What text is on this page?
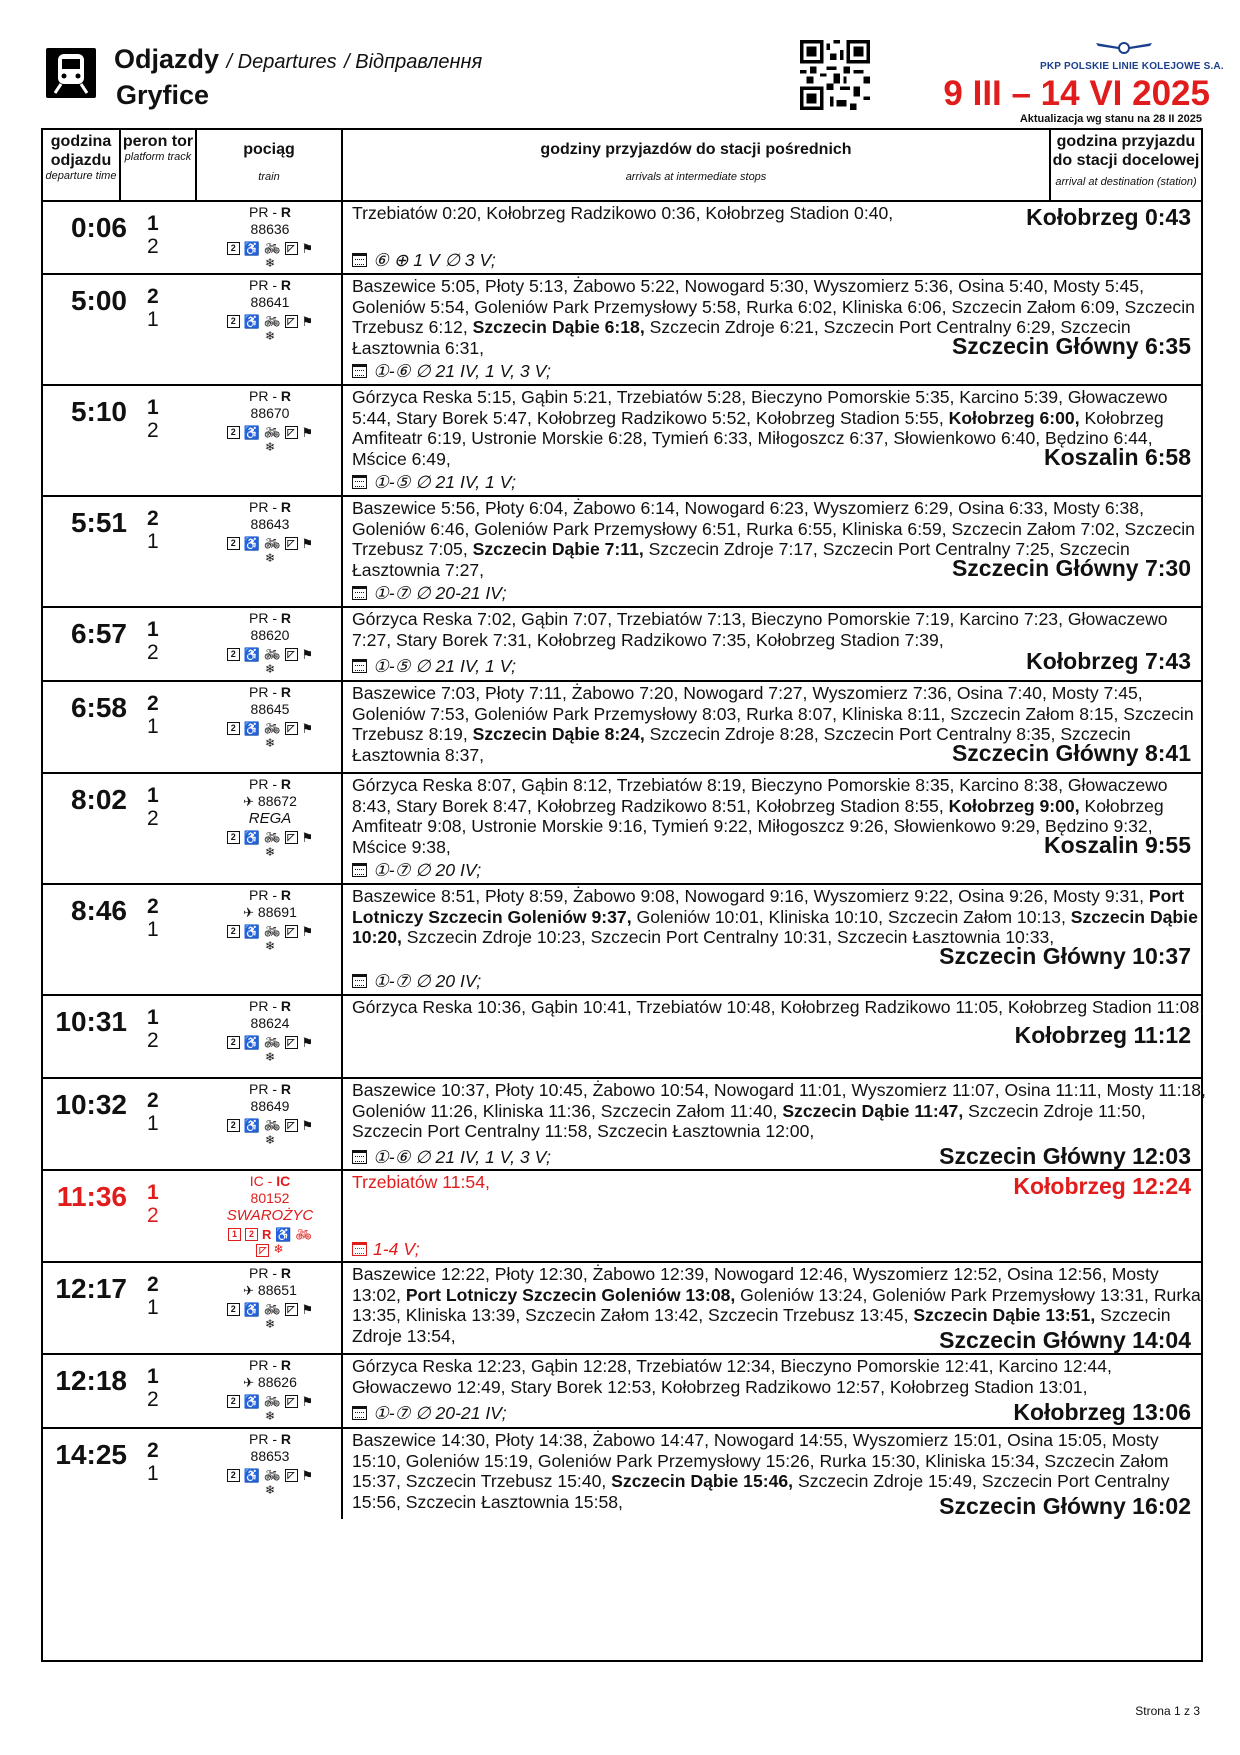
Odjazdy / Departures / Відправлення
Gryfice
PKP POLSKIE LINIE KOLEJOWE S.A.
9 III – 14 VI 2025
Aktualizacja wg stanu na 28 II 2025
godzina odjazdu
departure time
peron tor
platform track	pociąg
train
godziny przyjazdów do stacji pośrednich
arrivals at intermediate stops
godzina przyjazdu do stacji docelowej
arrival at destination (station)
0:06 1
2
PR - R
88636
2 ♿ 🚲︎ ◸ ⚑
❄
Trzebiatów 0:20, Kołobrzeg Radzikowo 0:36, Kołobrzeg Stadion 0:40,	Kołobrzeg 0:43
⑥ ⊕ 1 V ∅ 3 V;
5:00 2
1
PR - R
88641
2 ♿ 🚲︎ ◸ ⚑
❄
Baszewice 5:05, Płoty 5:13, Żabowo 5:22, Nowogard 5:30, Wyszomierz 5:36, Osina 5:40, Mosty 5:45, Goleniów 5:54, Goleniów Park Przemysłowy 5:58, Rurka 6:02, Kliniska 6:06, Szczecin Załom 6:09, Szczecin Trzebusz 6:12, Szczecin Dąbie 6:18, Szczecin Zdroje 6:21, Szczecin Port Centralny 6:29, Szczecin Łasztownia 6:31,	Szczecin Główny 6:35
①-⑥ ∅ 21 IV, 1 V, 3 V;
5:10 1
2
PR - R
88670
2 ♿ 🚲︎ ◸ ⚑
❄
Górzyca Reska 5:15, Gąbin 5:21, Trzebiatów 5:28, Bieczyno Pomorskie 5:35, Karcino 5:39, Głowaczewo 5:44, Stary Borek 5:47, Kołobrzeg Radzikowo 5:52, Kołobrzeg Stadion 5:55, Kołobrzeg 6:00, Kołobrzeg Amfiteatr 6:19, Ustronie Morskie 6:28, Tymień 6:33, Miłogoszcz 6:37, Słowienkowo 6:40, Będzino 6:44, Mścice 6:49,	Koszalin 6:58
①-⑤ ∅ 21 IV, 1 V;
5:51 2
1
PR - R
88643
2 ♿ 🚲︎ ◸ ⚑
❄
Baszewice 5:56, Płoty 6:04, Żabowo 6:14, Nowogard 6:23, Wyszomierz 6:29, Osina 6:33, Mosty 6:38, Goleniów 6:46, Goleniów Park Przemysłowy 6:51, Rurka 6:55, Kliniska 6:59, Szczecin Załom 7:02, Szczecin Trzebusz 7:05, Szczecin Dąbie 7:11, Szczecin Zdroje 7:17, Szczecin Port Centralny 7:25, Szczecin Łasztownia 7:27,	Szczecin Główny 7:30
①-⑦ ∅ 20-21 IV;
6:57 1
2
PR - R
88620
2 ♿ 🚲︎ ◸ ⚑
❄
Górzyca Reska 7:02, Gąbin 7:07, Trzebiatów 7:13, Bieczyno Pomorskie 7:19, Karcino 7:23, Głowaczewo 7:27, Stary Borek 7:31, Kołobrzeg Radzikowo 7:35, Kołobrzeg Stadion 7:39,
Kołobrzeg 7:43
①-⑤ ∅ 21 IV, 1 V;
6:58 2
1
PR - R
88645
2 ♿ 🚲︎ ◸ ⚑
❄
Baszewice 7:03, Płoty 7:11, Żabowo 7:20, Nowogard 7:27, Wyszomierz 7:36, Osina 7:40, Mosty 7:45, Goleniów 7:53, Goleniów Park Przemysłowy 8:03, Rurka 8:07, Kliniska 8:11, Szczecin Załom 8:15, Szczecin Trzebusz 8:19, Szczecin Dąbie 8:24, Szczecin Zdroje 8:28, Szczecin Port Centralny 8:35, Szczecin Łasztownia 8:37,	Szczecin Główny 8:41
8:02 1
2
PR - R
✈ 88672
REGA
2 ♿ 🚲︎ ◸ ⚑
❄
Górzyca Reska 8:07, Gąbin 8:12, Trzebiatów 8:19, Bieczyno Pomorskie 8:35, Karcino 8:38, Głowaczewo 8:43, Stary Borek 8:47, Kołobrzeg Radzikowo 8:51, Kołobrzeg Stadion 8:55, Kołobrzeg 9:00, Kołobrzeg Amfiteatr 9:08, Ustronie Morskie 9:16, Tymień 9:22, Miłogoszcz 9:26, Słowienkowo 9:29, Będzino 9:32, Mścice 9:38,	Koszalin 9:55
①-⑦ ∅ 20 IV;
8:46 2
1
PR - R
✈ 88691
2 ♿ 🚲︎ ◸ ⚑
❄
Baszewice 8:51, Płoty 8:59, Żabowo 9:08, Nowogard 9:16, Wyszomierz 9:22, Osina 9:26, Mosty 9:31, Port Lotniczy Szczecin Goleniów 9:37, Goleniów 10:01, Kliniska 10:10, Szczecin Załom 10:13, Szczecin Dąbie 10:20, Szczecin Zdroje 10:23, Szczecin Port Centralny 10:31, Szczecin Łasztownia 10:33,
Szczecin Główny 10:37
①-⑦ ∅ 20 IV;
10:31 1
2
PR - R
88624
2 ♿ 🚲︎ ◸ ⚑
❄
Górzyca Reska 10:36, Gąbin 10:41, Trzebiatów 10:48, Kołobrzeg Radzikowo 11:05, Kołobrzeg Stadion 11:08,
Kołobrzeg 11:12
10:32 2
1
PR - R
88649
2 ♿ 🚲︎ ◸ ⚑
❄
Baszewice 10:37, Płoty 10:45, Żabowo 10:54, Nowogard 11:01, Wyszomierz 11:07, Osina 11:11, Mosty 11:18, Goleniów 11:26, Kliniska 11:36, Szczecin Załom 11:40, Szczecin Dąbie 11:47, Szczecin Zdroje 11:50, Szczecin Port Centralny 11:58, Szczecin Łasztownia 12:00,
Szczecin Główny 12:03
①-⑥ ∅ 21 IV, 1 V, 3 V;
11:36 1
2
IC - IC
80152
SWAROŻYC
1	2 R ♿ 🚲︎
◸ ❄
Trzebiatów 11:54,	Kołobrzeg 12:24
1-4 V;
12:17 2
1
PR - R
✈ 88651
2 ♿ 🚲︎ ◸ ⚑
❄
Baszewice 12:22, Płoty 12:30, Żabowo 12:39, Nowogard 12:46, Wyszomierz 12:52, Osina 12:56, Mosty 13:02, Port Lotniczy Szczecin Goleniów 13:08, Goleniów 13:24, Goleniów Park Przemysłowy 13:31, Rurka 13:35, Kliniska 13:39, Szczecin Załom 13:42, Szczecin Trzebusz 13:45, Szczecin Dąbie 13:51, Szczecin Zdroje 13:54,	Szczecin Główny 14:04
12:18 1
2
PR - R
✈ 88626
2 ♿ 🚲︎ ◸ ⚑
❄
Górzyca Reska 12:23, Gąbin 12:28, Trzebiatów 12:34, Bieczyno Pomorskie 12:41, Karcino 12:44, Głowaczewo 12:49, Stary Borek 12:53, Kołobrzeg Radzikowo 12:57, Kołobrzeg Stadion 13:01,
Kołobrzeg 13:06
①-⑦ ∅ 20-21 IV;
14:25 2
1
PR - R
88653
2 ♿ 🚲︎ ◸ ⚑
❄
Baszewice 14:30, Płoty 14:38, Żabowo 14:47, Nowogard 14:55, Wyszomierz 15:01, Osina 15:05, Mosty 15:10, Goleniów 15:19, Goleniów Park Przemysłowy 15:26, Rurka 15:30, Kliniska 15:34, Szczecin Załom 15:37, Szczecin Trzebusz 15:40, Szczecin Dąbie 15:46, Szczecin Zdroje 15:49, Szczecin Port Centralny 15:56, Szczecin Łasztownia 15:58,	Szczecin Główny 16:02
Strona 1 z 3
